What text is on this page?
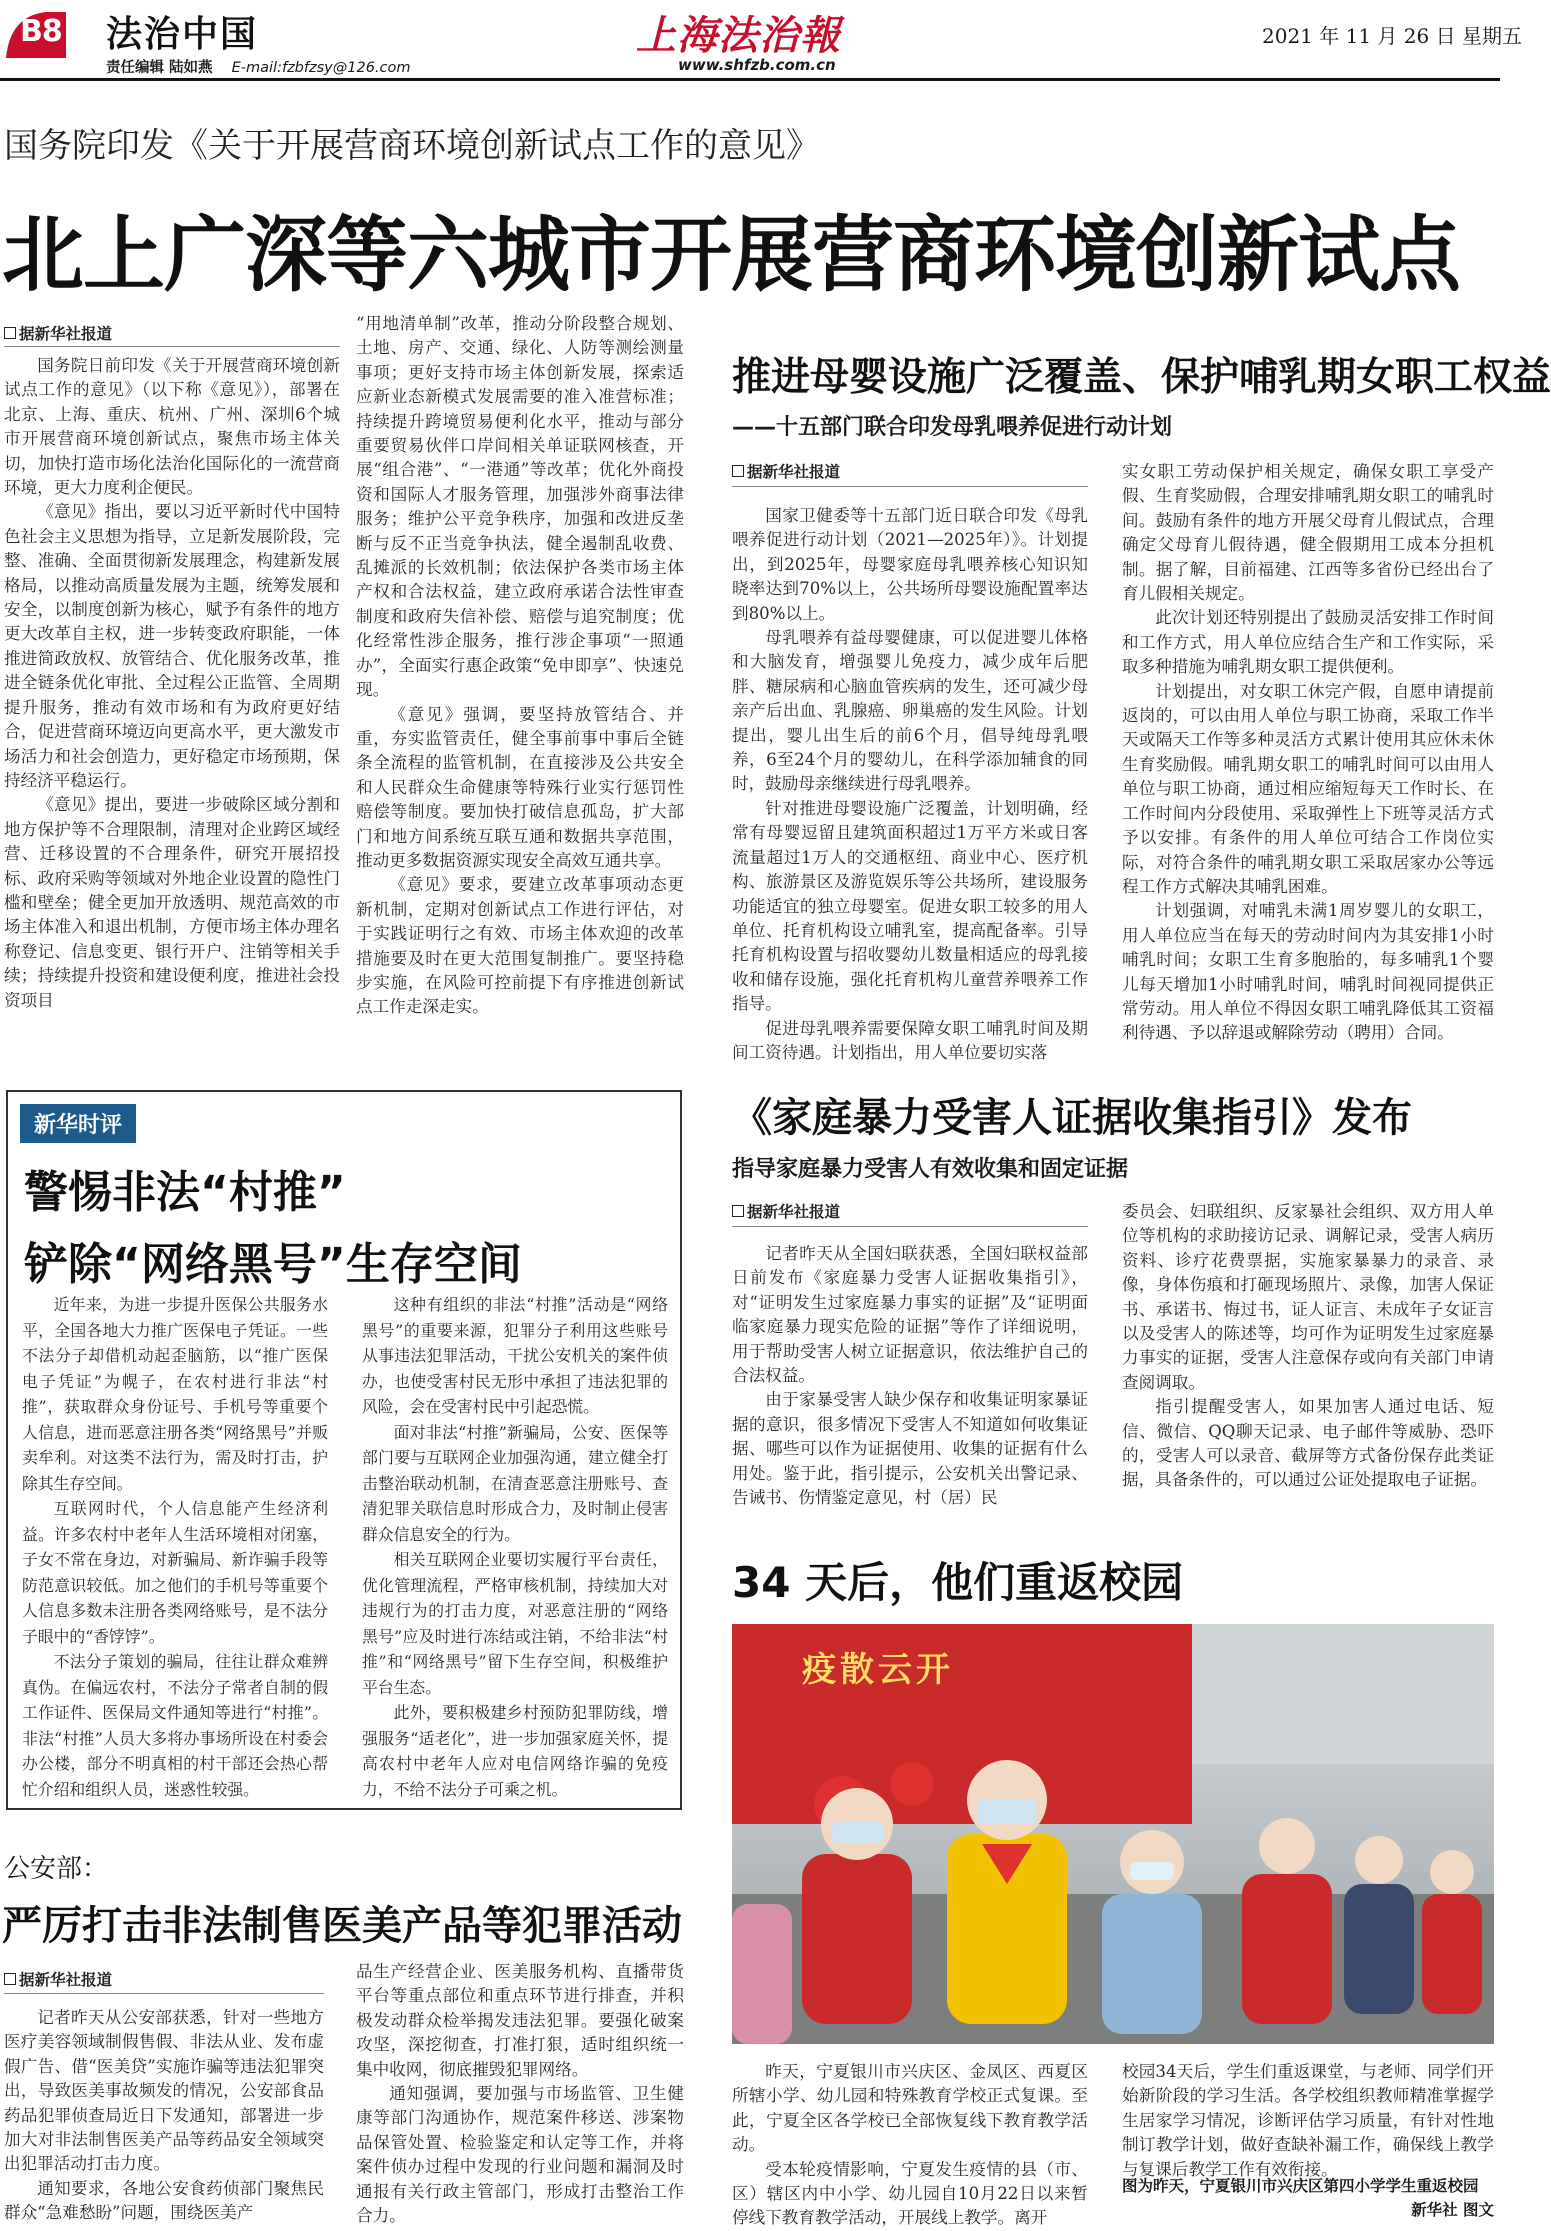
B8 法治中国
责任编辑 陆如燕 E-mail:fzbfzsy@126.com
上海法治報
www.shfzb.com.cn
2021 年 11 月 26 日 星期五
国务院印发《关于开展营商环境创新试点工作的意见》
北上广深等六城市开展营商环境创新试点
据新华社报道

国务院日前印发《关于开展营商环境创新试点工作的意见》（以下称《意见》），部署在北京、上海、重庆、杭州、广州、深圳6个城市开展营商环境创新试点，聚焦市场主体关切，加快打造市场化法治化国际化的一流营商环境，更大力度利企便民。

《意见》指出，要以习近平新时代中国特色社会主义思想为指导，立足新发展阶段，完整、准确、全面贯彻新发展理念，构建新发展格局，以推动高质量发展为主题，统筹发展和安全，以制度创新为核心，赋予有条件的地方更大改革自主权，进一步转变政府职能，一体推进简政放权、放管结合、优化服务改革，推进全链条优化审批、全过程公正监管、全周期提升服务，推动有效市场和有为政府更好结合，促进营商环境迈向更高水平，更大激发市场活力和社会创造力，更好稳定市场预期，保持经济平稳运行。

《意见》提出，要进一步破除区域分割和地方保护等不合理限制，清理对企业跨区域经营、迁移设置的不合理条件，研究开展招投标、政府采购等领域对外地企业设置的隐性门槛和壁垒；健全更加开放透明、规范高效的市场主体准入和退出机制，方便市场主体办理名称登记、信息变更、银行开户、注销等相关手续；持续提升投资和建设便利度，推进社会投资项目

“用地清单制”改革，推动分阶段整合规划、土地、房产、交通、绿化、人防等测绘测量事项；更好支持市场主体创新发展，探索适应新业态新模式发展需要的准入准营标准；持续提升跨境贸易便利化水平，推动与部分重要贸易伙伴口岸间相关单证联网核查，开展“组合港”、“一港通”等改革；优化外商投资和国际人才服务管理，加强涉外商事法律服务；维护公平竞争秩序，加强和改进反垄断与反不正当竞争执法，健全遏制乱收费、乱摊派的长效机制；依法保护各类市场主体产权和合法权益，建立政府承诺合法性审查制度和政府失信补偿、赔偿与追究制度；优化经常性涉企服务，推行涉企事项“一照通办”，全面实行惠企政策“免申即享”、快速兑现。

《意见》强调，要坚持放管结合、并重，夯实监管责任，健全事前事中事后全链条全流程的监管机制，在直接涉及公共安全和人民群众生命健康等特殊行业实行惩罚性赔偿等制度。要加快打破信息孤岛，扩大部门和地方间系统互联互通和数据共享范围，推动更多数据资源实现安全高效互通共享。

《意见》要求，要建立改革事项动态更新机制，定期对创新试点工作进行评估，对于实践证明行之有效、市场主体欢迎的改革措施要及时在更大范围复制推广。要坚持稳步实施，在风险可控前提下有序推进创新试点工作走深走实。

推进母婴设施广泛覆盖、保护哺乳期女职工权益
——十五部门联合印发母乳喂养促进行动计划
据新华社报道

国家卫健委等十五部门近日联合印发《母乳喂养促进行动计划（2021—2025年）》。计划提出，到2025年，母婴家庭母乳喂养核心知识知晓率达到70%以上，公共场所母婴设施配置率达到80%以上。

母乳喂养有益母婴健康，可以促进婴儿体格和大脑发育，增强婴儿免疫力，减少成年后肥胖、糖尿病和心脑血管疾病的发生，还可减少母亲产后出血、乳腺癌、卵巢癌的发生风险。计划提出，婴儿出生后的前6个月，倡导纯母乳喂养，6至24个月的婴幼儿，在科学添加辅食的同时，鼓励母亲继续进行母乳喂养。

针对推进母婴设施广泛覆盖，计划明确，经常有母婴逗留且建筑面积超过1万平方米或日客流量超过1万人的交通枢纽、商业中心、医疗机构、旅游景区及游览娱乐等公共场所，建设服务功能适宜的独立母婴室。促进女职工较多的用人单位、托育机构设立哺乳室，提高配备率。引导托育机构设置与招收婴幼儿数量相适应的母乳接收和储存设施，强化托育机构儿童营养喂养工作指导。

促进母乳喂养需要保障女职工哺乳时间及期间工资待遇。计划指出，用人单位要切实落

实女职工劳动保护相关规定，确保女职工享受产假、生育奖励假，合理安排哺乳期女职工的哺乳时间。鼓励有条件的地方开展父母育儿假试点，合理确定父母育儿假待遇，健全假期用工成本分担机制。据了解，目前福建、江西等多省份已经出台了育儿假相关规定。

此次计划还特别提出了鼓励灵活安排工作时间和工作方式，用人单位应结合生产和工作实际，采取多种措施为哺乳期女职工提供便利。

计划提出，对女职工休完产假，自愿申请提前返岗的，可以由用人单位与职工协商，采取工作半天或隔天工作等多种灵活方式累计使用其应休未休生育奖励假。哺乳期女职工的哺乳时间可以由用人单位与职工协商，通过相应缩短每天工作时长、在工作时间内分段使用、采取弹性上下班等灵活方式予以安排。有条件的用人单位可结合工作岗位实际，对符合条件的哺乳期女职工采取居家办公等远程工作方式解决其哺乳困难。

计划强调，对哺乳未满1周岁婴儿的女职工，用人单位应当在每天的劳动时间内为其安排1小时哺乳时间；女职工生育多胞胎的，每多哺乳1个婴儿每天增加1小时哺乳时间，哺乳时间视同提供正常劳动。用人单位不得因女职工哺乳降低其工资福利待遇、予以辞退或解除劳动（聘用）合同。

新华时评
警惕非法“村推”
铲除“网络黑号”生存空间

近年来，为进一步提升医保公共服务水平，全国各地大力推广医保电子凭证。一些不法分子却借机动起歪脑筋，以“推广医保电子凭证”为幌子，在农村进行非法“村推”，获取群众身份证号、手机号等重要个人信息，进而恶意注册各类“网络黑号”并贩卖牟利。对这类不法行为，需及时打击，护除其生存空间。

互联网时代，个人信息能产生经济利益。许多农村中老年人生活环境相对闭塞，子女不常在身边，对新骗局、新诈骗手段等防范意识较低。加之他们的手机号等重要个人信息多数未注册各类网络账号，是不法分子眼中的“香饽饽”。

不法分子策划的骗局，往往让群众难辨真伪。在偏远农村，不法分子常者自制的假工作证件、医保局文件通知等进行“村推”。非法“村推”人员大多将办事场所设在村委会办公楼，部分不明真相的村干部还会热心帮忙介绍和组织人员，迷惑性较强。

这种有组织的非法“村推”活动是“网络黑号”的重要来源，犯罪分子利用这些账号从事违法犯罪活动，干扰公安机关的案件侦办，也使受害村民无形中承担了违法犯罪的风险，会在受害村民中引起恐慌。

面对非法“村推”新骗局，公安、医保等部门要与互联网企业加强沟通，建立健全打击整治联动机制，在清查恶意注册账号、查清犯罪关联信息时形成合力，及时制止侵害群众信息安全的行为。

相关互联网企业要切实履行平台责任，优化管理流程，严格审核机制，持续加大对违规行为的打击力度，对恶意注册的“网络黑号”应及时进行冻结或注销，不给非法“村推”和“网络黑号”留下生存空间，积极维护平台生态。

此外，要积极建乡村预防犯罪防线，增强服务“适老化”，进一步加强家庭关怀，提高农村中老年人应对电信网络诈骗的免疫力，不给不法分子可乘之机。

公安部：
严厉打击非法制售医美产品等犯罪活动
据新华社报道

记者昨天从公安部获悉，针对一些地方医疗美容领域制假售假、非法从业、发布虚假广告、借“医美贷”实施诈骗等违法犯罪突出，导致医美事故频发的情况，公安部食品药品犯罪侦查局近日下发通知，部署进一步加大对非法制售医美产品等药品安全领域突出犯罪活动打击力度。

通知要求，各地公安食药侦部门聚焦民群众“急难愁盼”问题，围绕医美产

品生产经营企业、医美服务机构、直播带货平台等重点部位和重点环节进行排查，并积极发动群众检举揭发违法犯罪。要强化破案攻坚，深挖彻查，打准打狠，适时组织统一集中收网，彻底摧毁犯罪网络。

通知强调，要加强与市场监管、卫生健康等部门沟通协作，规范案件移送、涉案物品保管处置、检验鉴定和认定等工作，并将案件侦办过程中发现的行业问题和漏洞及时通报有关行政主管部门，形成打击整治工作合力。

《家庭暴力受害人证据收集指引》发布
指导家庭暴力受害人有效收集和固定证据
据新华社报道

记者昨天从全国妇联获悉，全国妇联权益部日前发布《家庭暴力受害人证据收集指引》，对“证明发生过家庭暴力事实的证据”及“证明面临家庭暴力现实危险的证据”等作了详细说明，用于帮助受害人树立证据意识，依法维护自己的合法权益。

由于家暴受害人缺少保存和收集证明家暴证据的意识，很多情况下受害人不知道如何收集证据、哪些可以作为证据使用、收集的证据有什么用处。鉴于此，指引提示，公安机关出警记录、告诫书、伤情鉴定意见，村（居）民

委员会、妇联组织、反家暴社会组织、双方用人单位等机构的求助接访记录、调解记录，受害人病历资料、诊疗花费票据，实施家暴暴力的录音、录像，身体伤痕和打砸现场照片、录像，加害人保证书、承诺书、悔过书，证人证言、未成年子女证言以及受害人的陈述等，均可作为证明发生过家庭暴力事实的证据，受害人注意保存或向有关部门申请查阅调取。

指引提醒受害人，如果加害人通过电话、短信、微信、QQ聊天记录、电子邮件等威胁、恐吓的，受害人可以录音、截屏等方式备份保存此类证据，具备条件的，可以通过公证处提取电子证据。

34 天后，他们重返校园
疫散云开

昨天，宁夏银川市兴庆区、金凤区、西夏区所辖小学、幼儿园和特殊教育学校正式复课。至此，宁夏全区各学校已全部恢复线下教育教学活动。

受本轮疫情影响，宁夏发生疫情的县（市、区）辖区内中小学、幼儿园自10月22日以来暂停线下教育教学活动，开展线上教学。离开

校园34天后，学生们重返课堂，与老师、同学们开始新阶段的学习生活。各学校组织教师精准掌握学生居家学习情况，诊断评估学习质量，有针对性地制订教学计划，做好查缺补漏工作，确保线上教学与复课后教学工作有效衔接。

图为昨天，宁夏银川市兴庆区第四小学学生重返校园
新华社 图文
